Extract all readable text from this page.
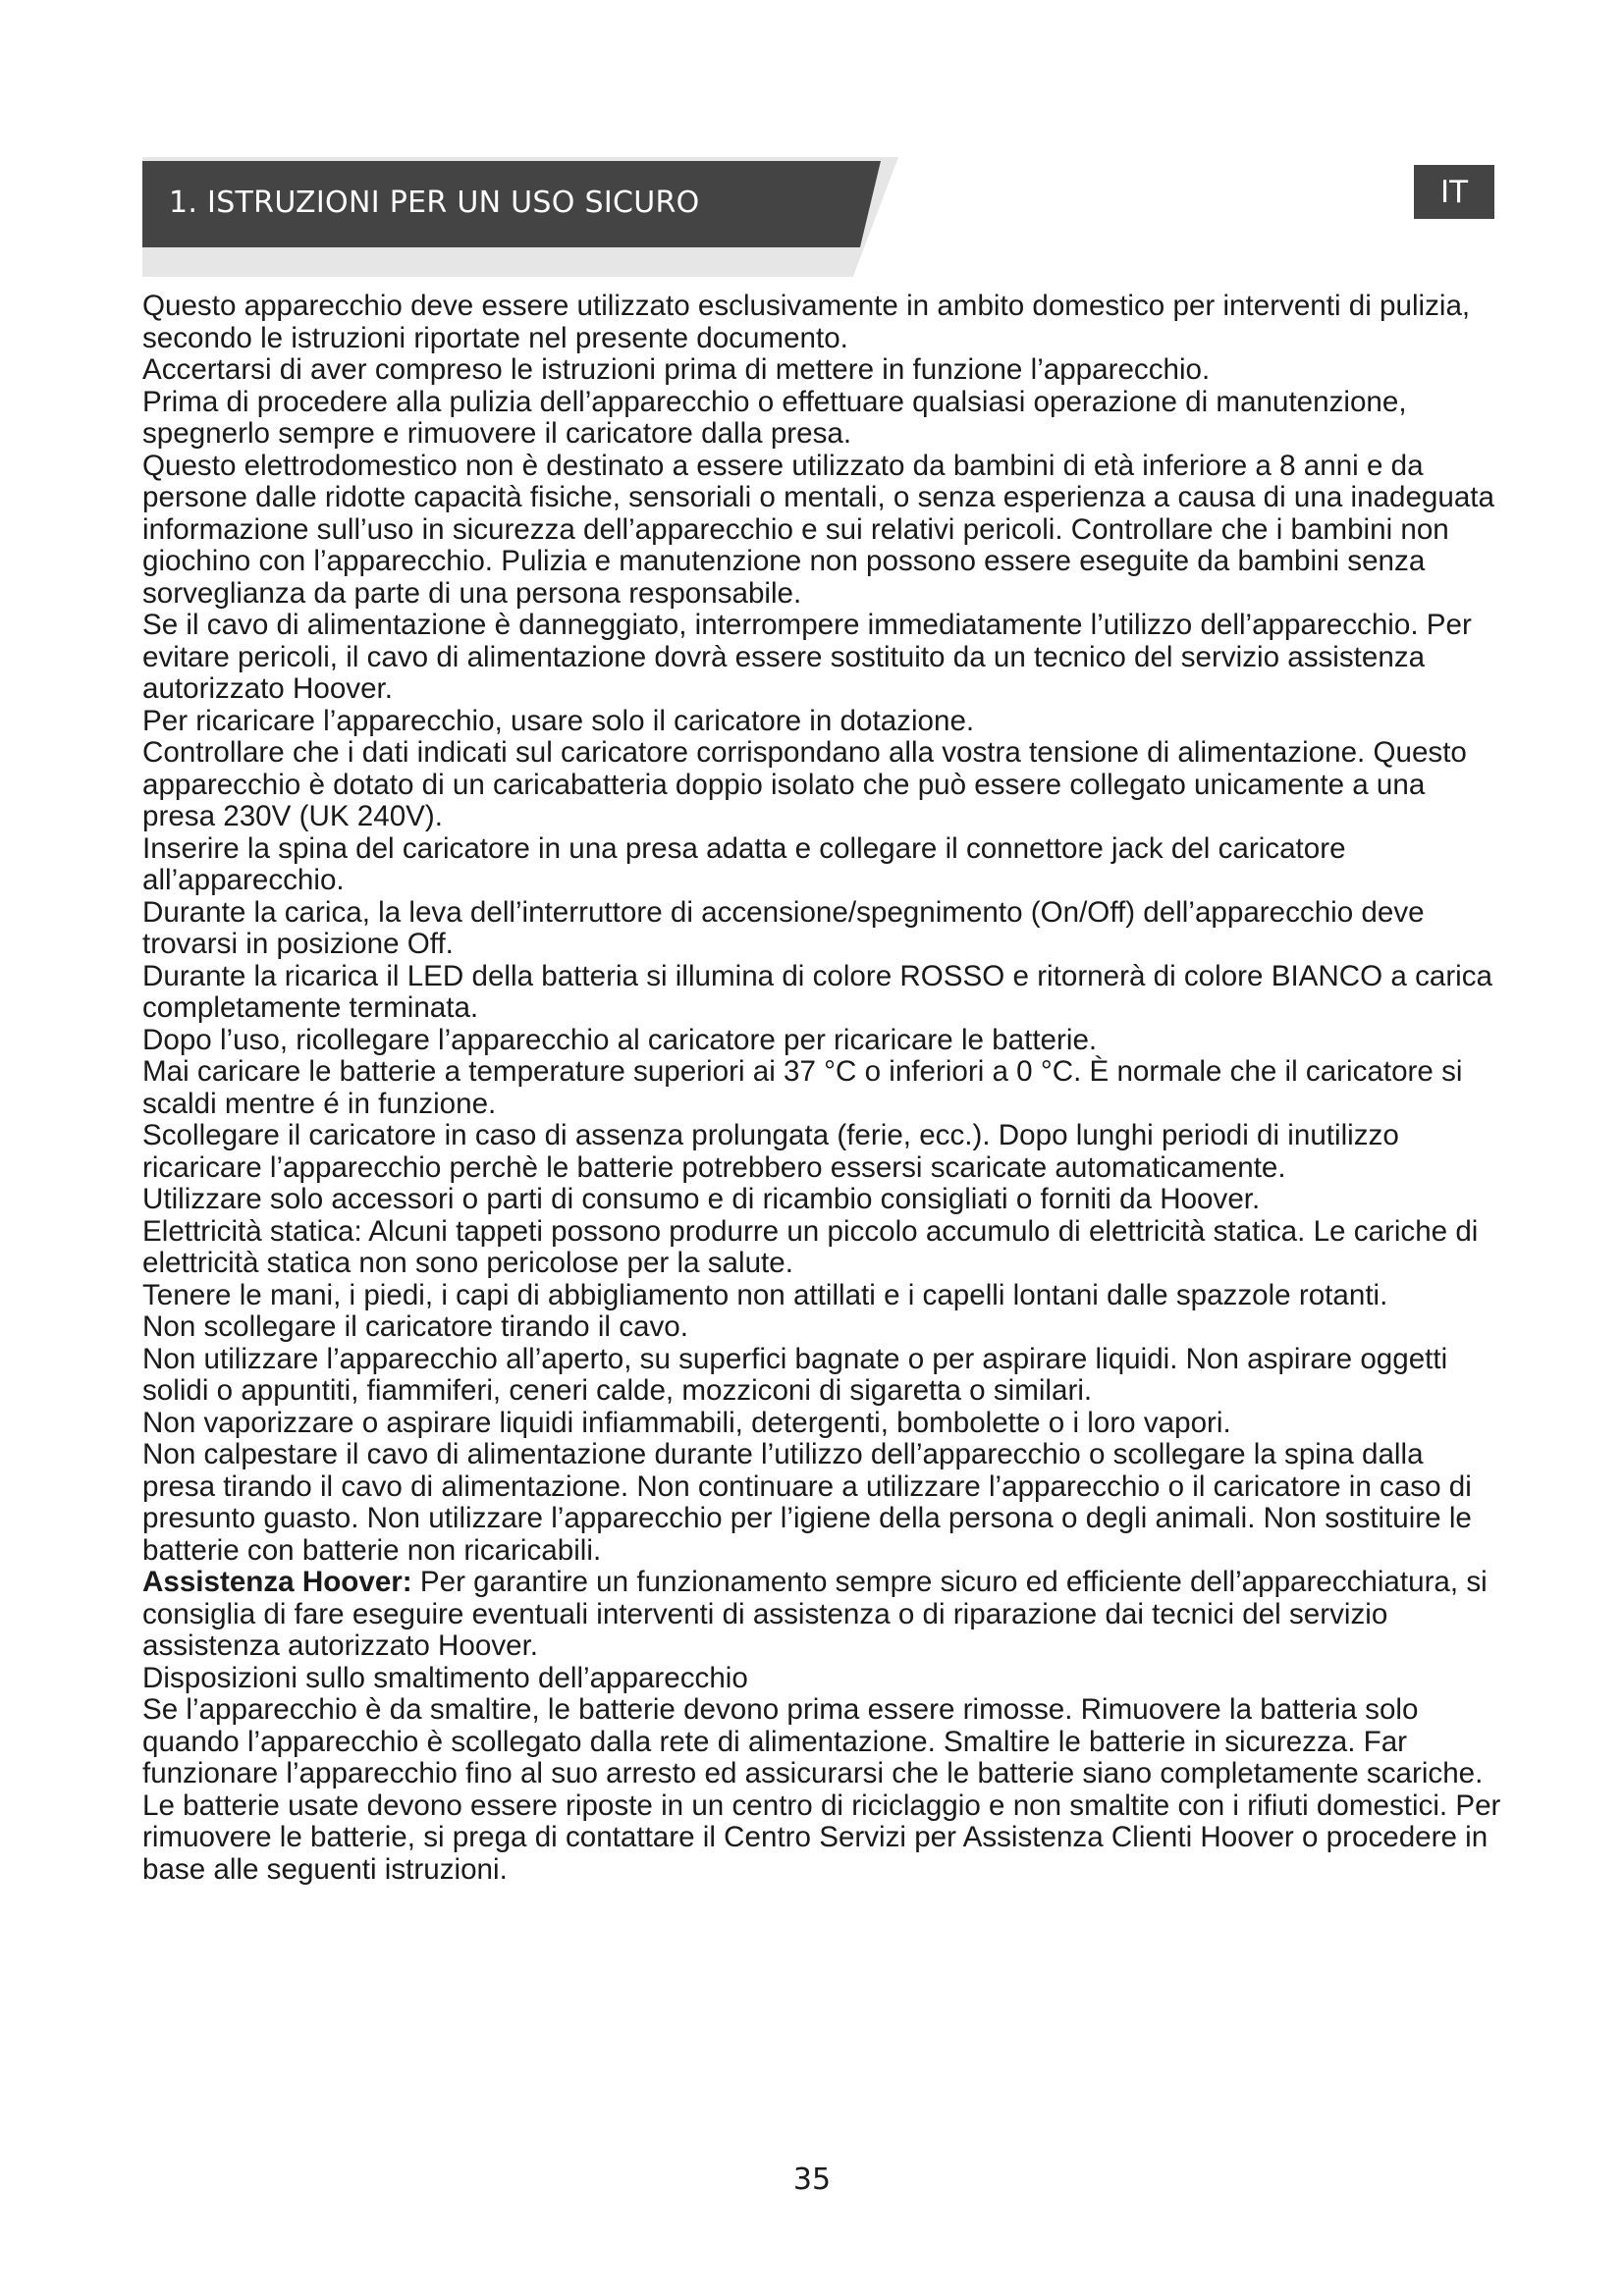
1. ISTRUZIONI PER UN USO SICURO	IT

Questo apparecchio deve essere utilizzato esclusivamente in ambito domestico per interventi di pulizia, secondo le istruzioni riportate nel presente documento.

Accertarsi di aver compreso le istruzioni prima di mettere in funzione l’apparecchio.

Prima di procedere alla pulizia dell’apparecchio o effettuare qualsiasi operazione di manutenzione, spegnerlo sempre e rimuovere il caricatore dalla presa.

Questo elettrodomestico non è destinato a essere utilizzato da bambini di età inferiore a 8 anni e da persone dalle ridotte capacità fisiche, sensoriali o mentali, o senza esperienza a causa di una inadeguata informazione sull’uso in sicurezza dell’apparecchio e sui relativi pericoli. Controllare che i bambini non giochino con l’apparecchio. Pulizia e manutenzione non possono essere eseguite da bambini senza sorveglianza da parte di una persona responsabile.

Se il cavo di alimentazione è danneggiato, interrompere immediatamente l’utilizzo dell’apparecchio. Per evitare pericoli, il cavo di alimentazione dovrà essere sostituito da un tecnico del servizio assistenza autorizzato Hoover.

Per ricaricare l’apparecchio, usare solo il caricatore in dotazione.

Controllare che i dati indicati sul caricatore corrispondano alla vostra tensione di alimentazione. Questo apparecchio è dotato di un caricabatteria doppio isolato che può essere collegato unicamente a una presa 230V (UK 240V).

Inserire la spina del caricatore in una presa adatta e collegare il connettore jack del caricatore all’apparecchio.

Durante la carica, la leva dell’interruttore di accensione/spegnimento (On/Off) dell’apparecchio deve trovarsi in posizione Off.

Durante la ricarica il LED della batteria si illumina di colore ROSSO e ritornerà di colore BIANCO a carica completamente terminata.

Dopo l’uso, ricollegare l’apparecchio al caricatore per ricaricare le batterie.

Mai caricare le batterie a temperature superiori ai 37 °C o inferiori a 0 °C. È normale che il caricatore si scaldi mentre é in funzione.

Scollegare il caricatore in caso di assenza prolungata (ferie, ecc.). Dopo lunghi periodi di inutilizzo ricaricare l’apparecchio perchè le batterie potrebbero essersi scaricate automaticamente.

Utilizzare solo accessori o parti di consumo e di ricambio consigliati o forniti da Hoover.

Elettricità statica: Alcuni tappeti possono produrre un piccolo accumulo di elettricità statica. Le cariche di elettricità statica non sono pericolose per la salute.

Tenere le mani, i piedi, i capi di abbigliamento non attillati e i capelli lontani dalle spazzole rotanti.

Non scollegare il caricatore tirando il cavo.

Non utilizzare l’apparecchio all’aperto, su superfici bagnate o per aspirare liquidi. Non aspirare oggetti solidi o appuntiti, fiammiferi, ceneri calde, mozziconi di sigaretta o similari.

Non vaporizzare o aspirare liquidi infiammabili, detergenti, bombolette o i loro vapori.

Non calpestare il cavo di alimentazione durante l’utilizzo dell’apparecchio o scollegare la spina dalla presa tirando il cavo di alimentazione. Non continuare a utilizzare l’apparecchio o il caricatore in caso di presunto guasto. Non utilizzare l’apparecchio per l’igiene della persona o degli animali. Non sostituire le batterie con batterie non ricaricabili.

Assistenza Hoover: Per garantire un funzionamento sempre sicuro ed efficiente dell’apparecchiatura, si consiglia di fare eseguire eventuali interventi di assistenza o di riparazione dai tecnici del servizio assistenza autorizzato Hoover.

Disposizioni sullo smaltimento dell’apparecchio

Se l’apparecchio è da smaltire, le batterie devono prima essere rimosse. Rimuovere la batteria solo quando l’apparecchio è scollegato dalla rete di alimentazione. Smaltire le batterie in sicurezza. Far funzionare l’apparecchio fino al suo arresto ed assicurarsi che le batterie siano completamente scariche. Le batterie usate devono essere riposte in un centro di riciclaggio e non smaltite con i rifiuti domestici. Per rimuovere le batterie, si prega di contattare il Centro Servizi per Assistenza Clienti Hoover o procedere in base alle seguenti istruzioni.

35
